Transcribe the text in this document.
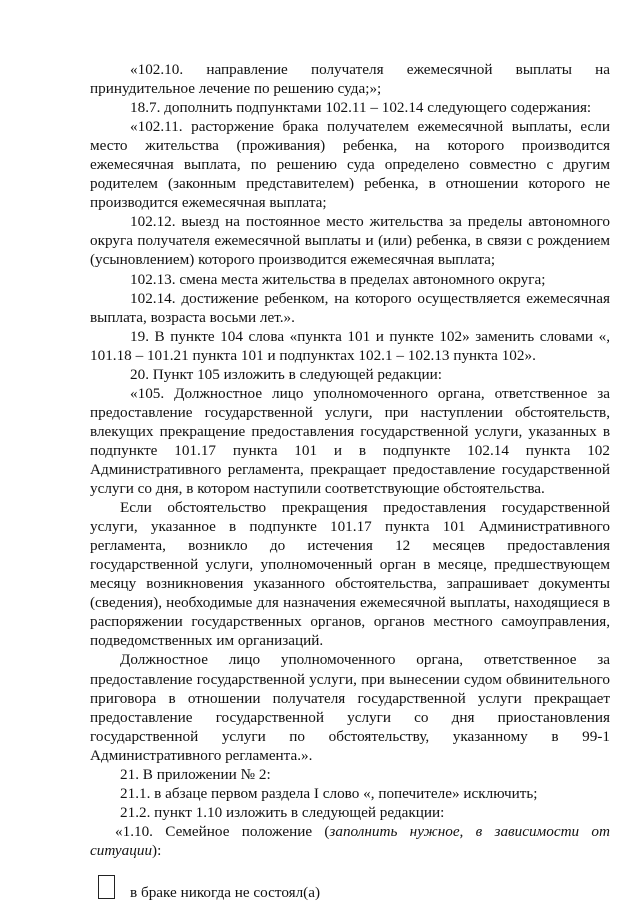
«102.10. направление получателя ежемесячной выплаты на принудительное лечение по решению суда;»;

18.7. дополнить подпунктами 102.11 – 102.14 следующего содержания:

«102.11. расторжение брака получателем ежемесячной выплаты, если место жительства (проживания) ребенка, на которого производится ежемесячная выплата, по решению суда определено совместно с другим родителем (законным представителем) ребенка, в отношении которого не производится ежемесячная выплата;

102.12. выезд на постоянное место жительства за пределы автономного округа получателя ежемесячной выплаты и (или) ребенка, в связи с рождением (усыновлением) которого производится ежемесячная выплата;

102.13. смена места жительства в пределах автономного округа;

102.14. достижение ребенком, на которого осуществляется ежемесячная выплата, возраста восьми лет.».

19. В пункте 104 слова «пункта 101 и пункте 102» заменить словами «, 101.18 – 101.21 пункта 101 и подпунктах 102.1 – 102.13 пункта 102».

20. Пункт 105 изложить в следующей редакции:

«105. Должностное лицо уполномоченного органа, ответственное за предоставление государственной услуги, при наступлении обстоятельств, влекущих прекращение предоставления государственной услуги, указанных в подпункте 101.17 пункта 101 и в подпункте 102.14 пункта 102 Административного регламента, прекращает предоставление государственной услуги со дня, в котором наступили соответствующие обстоятельства.

Если обстоятельство прекращения предоставления государственной услуги, указанное в подпункте 101.17 пункта 101 Административного регламента, возникло до истечения 12 месяцев предоставления государственной услуги, уполномоченный орган в месяце, предшествующем месяцу возникновения указанного обстоятельства, запрашивает документы (сведения), необходимые для назначения ежемесячной выплаты, находящиеся в распоряжении государственных органов, органов местного самоуправления, подведомственных им организаций.

Должностное лицо уполномоченного органа, ответственное за предоставление государственной услуги, при вынесении судом обвинительного приговора в отношении получателя государственной услуги прекращает предоставление государственной услуги со дня приостановления государственной услуги по обстоятельству, указанному в 99-1 Административного регламента.».

21. В приложении № 2:

21.1. в абзаце первом раздела I слово «, попечителе» исключить;

21.2. пункт 1.10 изложить в следующей редакции:

«1.10. Семейное положение (заполнить нужное, в зависимости от ситуации):

в браке никогда не состоял(а)
